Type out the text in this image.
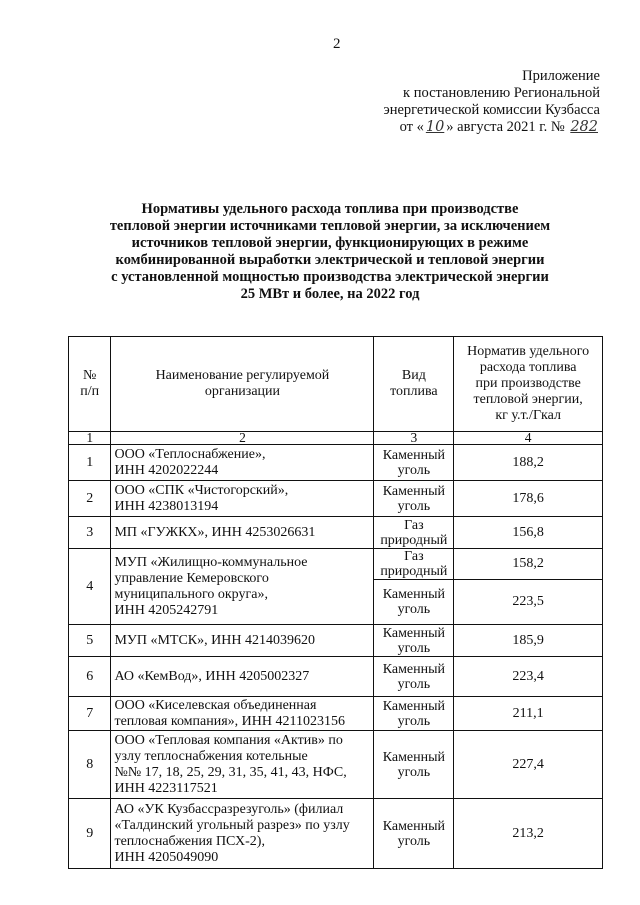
2
Приложение
к постановлению Региональной
энергетической комиссии Кузбасса
от « 10 » августа 2021 г. № 282
Нормативы удельного расхода топлива при производстве
тепловой энергии источниками тепловой энергии, за исключением
источников тепловой энергии, функционирующих в режиме
комбинированной выработки электрической и тепловой энергии
с установленной мощностью производства электрической энергии
25 МВт и более, на 2022 год
№
п/п	Наименование регулируемой
организации	Вид
топлива	Норматив удельного
расхода топлива
при производстве
тепловой энергии,
кг у.т./Гкал
1	2	3	4
1	ООО «Теплоснабжение»,
ИНН 4202022244	Каменный
уголь	188,2
2	ООО «СПК «Чистогорский»,
ИНН 4238013194	Каменный
уголь	178,6
3	МП «ГУЖКХ», ИНН 4253026631	Газ
природный	156,8
4	МУП «Жилищно-коммунальное
управление Кемеровского
муниципального округа»,
ИНН 4205242791	Газ
природный	158,2
		Каменный
уголь	223,5
5	МУП «МТСК», ИНН 4214039620	Каменный
уголь	185,9
6	АО «КемВод», ИНН 4205002327	Каменный
уголь	223,4
7	ООО «Киселевская объединенная
тепловая компания», ИНН 4211023156	Каменный
уголь	211,1
8	ООО «Тепловая компания «Актив» по
узлу теплоснабжения котельные
№№ 17, 18, 25, 29, 31, 35, 41, 43, НФС,
ИНН 4223117521	Каменный
уголь	227,4
9	АО «УК Кузбассразрезуголь» (филиал
«Талдинский угольный разрез» по узлу
теплоснабжения ПСХ-2),
ИНН 4205049090	Каменный
уголь	213,2
